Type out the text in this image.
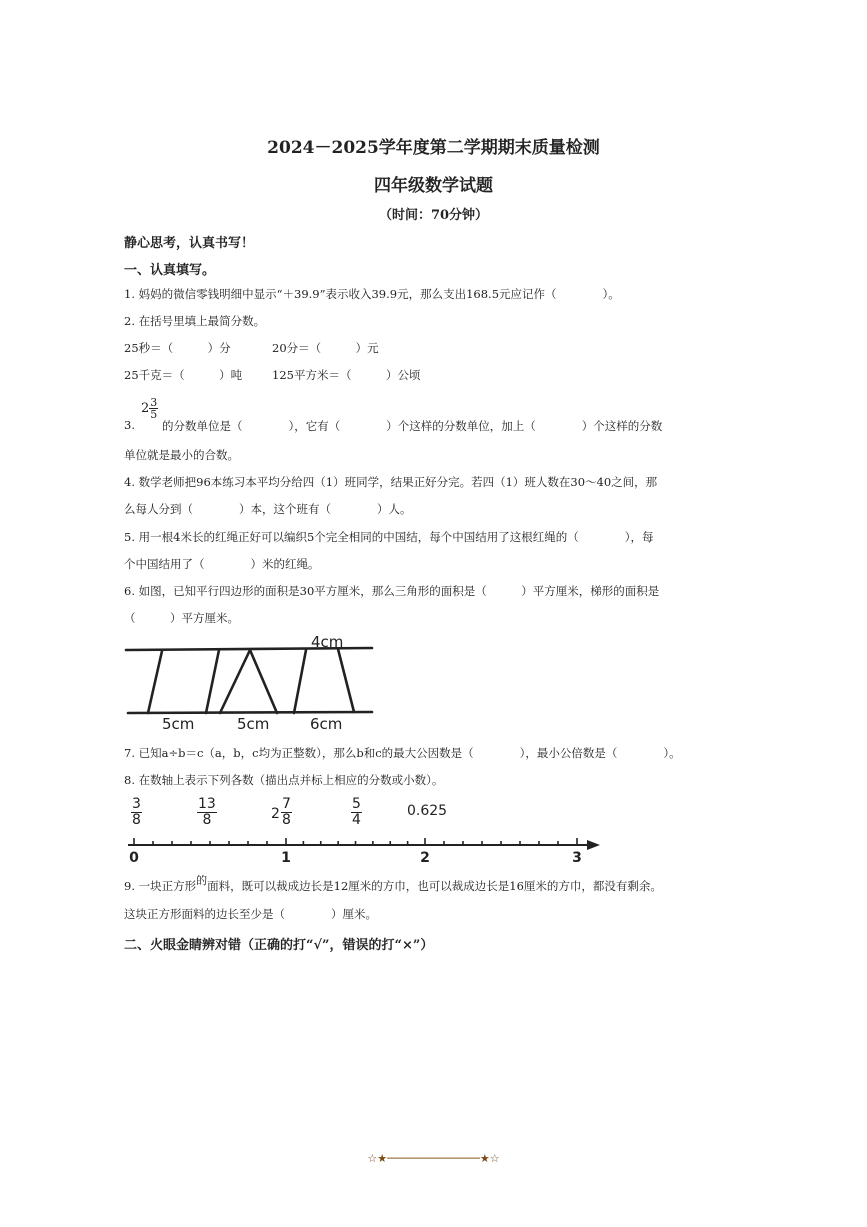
2024－2025学年度第二学期期末质量检测
四年级数学试题
（时间：70分钟）
静心思考，认真书写！
一、认真填写。
1. 妈妈的微信零钱明细中显示“＋39.9”表示收入39.9元，那么支出168.5元应记作（　　　　）。
2. 在括号里填上最简分数。
25秒＝（　　　）分	20分＝（　　　）元
25千克＝（　　　）吨	125平方米＝（　　　）公顷
3.
$2 \frac{3}{5}$
的分数单位是（　　　　），它有（　　　　）个这样的分数单位，加上（　　　　）个这样的分数
单位就是最小的合数。
4. 数学老师把96本练习本平均分给四（1）班同学，结果正好分完。若四（1）班人数在30～40之间，那
么每人分到（　　　　）本，这个班有（　　　　）人。
5. 用一根4米长的红绳正好可以编织5个完全相同的中国结，每个中国结用了这根红绳的（　　　　），每
个中国结用了（　　　　）米的红绳。
6. 如图，已知平行四边形的面积是30平方厘米，那么三角形的面积是（　　　）平方厘米，梯形的面积是
（　　　）平方厘米。
4cm
5cm	5cm	6cm
7. 已知a÷b＝c（a，b，c均为正整数），那么b和c的最大公因数是（　　　　），最小公倍数是（　　　　）。
8. 在数轴上表示下列各数（描出点并标上相应的分数或小数）。
$\frac{3}{8}$	$\frac{13}{8}$	$2 \frac{7}{8}$	$\frac{5}{4}$	0.625
0	1	2	3
9. 一块正方形的面料，既可以裁成边长是12厘米的方巾，也可以裁成边长是16厘米的方巾，都没有剩余。
这块正方形面料的边长至少是（　　　　）厘米。
二、火眼金睛辨对错（正确的打“√”，错误的打“×”）
☆★──────────────★☆
